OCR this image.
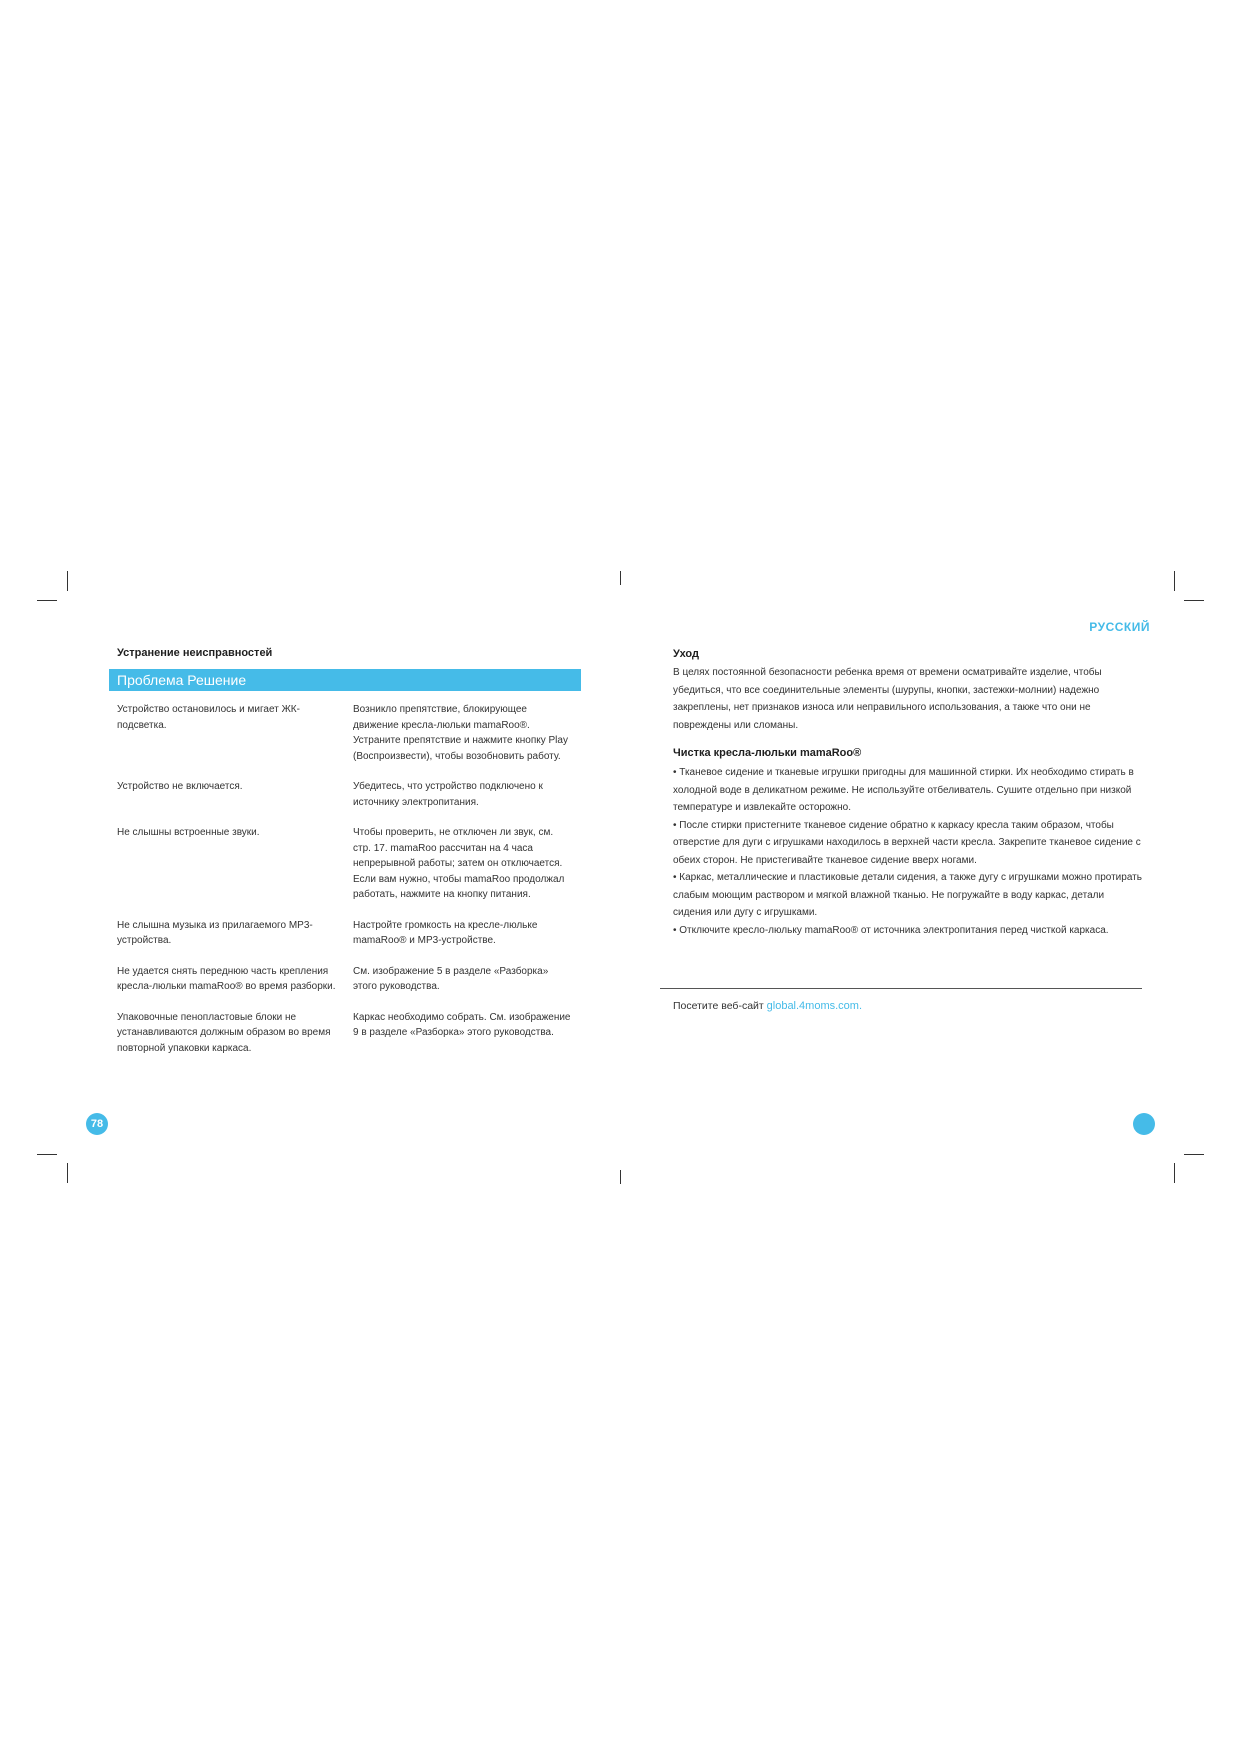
Устранение неисправностей
Проблема Решение
Устройство остановилось и мигает ЖК-подсветка.
Возникло препятствие, блокирующее движение кресла-люльки mamaRoo®. Устраните препятствие и нажмите кнопку Play (Воспроизвести), чтобы возобновить работу.
Устройство не включается.	Убедитесь, что устройство подключено к источнику электропитания.
Не слышны встроенные звуки.	Чтобы проверить, не отключен ли звук, см. стр. 17. mamaRoo рассчитан на 4 часа непрерывной работы; затем он отключается. Если вам нужно, чтобы mamaRoo продолжал работать, нажмите на кнопку питания.
Не слышна музыка из прилагаемого MP3-устройства.
Настройте громкость на кресле-люльке mamaRoo® и MP3-устройстве.
Не удается снять переднюю часть крепления кресла-люльки mamaRoo® во время разборки.
См. изображение 5 в разделе «Разборка» этого руководства.
Упаковочные пенопластовые блоки не устанавливаются должным образом во время повторной упаковки каркаса.
Каркас необходимо собрать. См. изображение 9 в разделе «Разборка» этого руководства.
78
РУССКИЙ
Уход

В целях постоянной безопасности ребенка время от времени осматривайте изделие, чтобы убедиться, что все соединительные элементы (шурупы, кнопки, застежки-молнии) надежно закреплены, нет признаков износа или неправильного использования, а также что они не повреждены или сломаны.

Чистка кресла-люльки mamaRoo®
• Тканевое сидение и тканевые игрушки пригодны для машинной стирки. Их необходимо стирать в холодной воде в деликатном режиме. Не используйте отбеливатель. Сушите отдельно при низкой температуре и извлекайте осторожно.
• После стирки пристегните тканевое сидение обратно к каркасу кресла таким образом, чтобы отверстие для дуги с игрушками находилось в верхней части кресла. Закрепите тканевое сидение с обеих сторон. Не пристегивайте тканевое сидение вверх ногами.
• Каркас, металлические и пластиковые детали сидения, а также дугу с игрушками можно протирать слабым моющим раствором и мягкой влажной тканью. Не погружайте в воду каркас, детали сидения или дугу с игрушками.
• Отключите кресло-люльку mamaRoo® от источника электропитания перед чисткой каркаса.
Посетите веб-сайт global.4moms.com.
